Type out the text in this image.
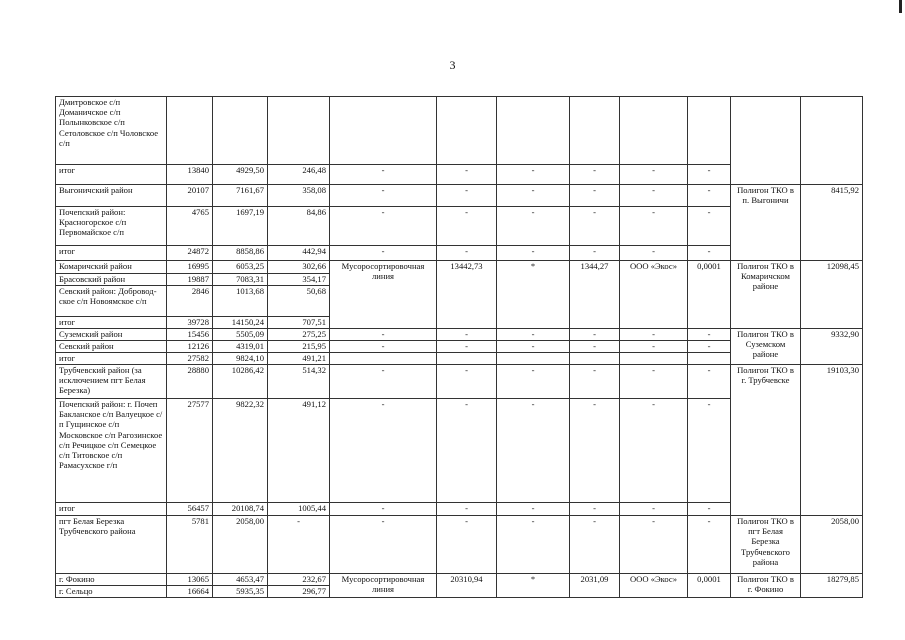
3
Дмитровское с/п Доманичское с/п Полынковское с/п Сетоловское с/п Чоловское с/п											
итог	13840	4929,50	246,48	-	-	-	-	-	-		
Выгоничский район	20107	7161,67	358,08	-	-	-	-	-	-	Полигон ТКО в п. Выгоничи	8415,92
Почепский район: Красногорское с/п Первомайское с/п	4765	1697,19	84,86	-	-	-	-	-	-		
итог	24872	8858,86	442,94	-	-	-	-	-	-		
Комаричский район	16995	6053,25	302,66	Мусоросортировочная линия	13442,73	*	1344,27	ООО «Экос»	0,0001	Полигон ТКО в Комаричском районе	12098,45
Брасовский район	19887	7083,31	354,17								
Севский район: Доброводское с/п Новоямское с/п	2846	1013,68	50,68								
итог	39728	14150,24	707,51								
Суземский район	15456	5505,09	275,25	-	-	-	-	-	-	Полигон ТКО в Суземском районе	9332,90
Севский район	12126	4319,01	215,95	-	-	-	-	-	-		
итог	27582	9824,10	491,21								
Трубчевский район (за исключением пгт Белая Березка)	28880	10286,42	514,32	-	-	-	-	-	-	Полигон ТКО в г. Трубчевске	19103,30
Почепский район: г. Почеп Бакланское с/п Валуецкое с/п Гущинское с/п Московское с/п Рагозинское с/п Речицкое с/п Семецкое с/п Титовское с/п Рамасухское г/п	27577	9822,32	491,12	-	-	-	-	-	-		
итог	56457	20108,74	1005,44	-	-	-	-	-	-		
пгт Белая Березка Трубчевского района	5781	2058,00	-	-	-	-	-	-	-	Полигон ТКО в пгт Белая Березка Трубчевского района	2058,00
г. Фокино	13065	4653,47	232,67	Мусоросортировочная линия	20310,94	*	2031,09	ООО «Экос»	0,0001	Полигон ТКО в г. Фокино	18279,85
г. Сельцо	16664	5935,35	296,77								
